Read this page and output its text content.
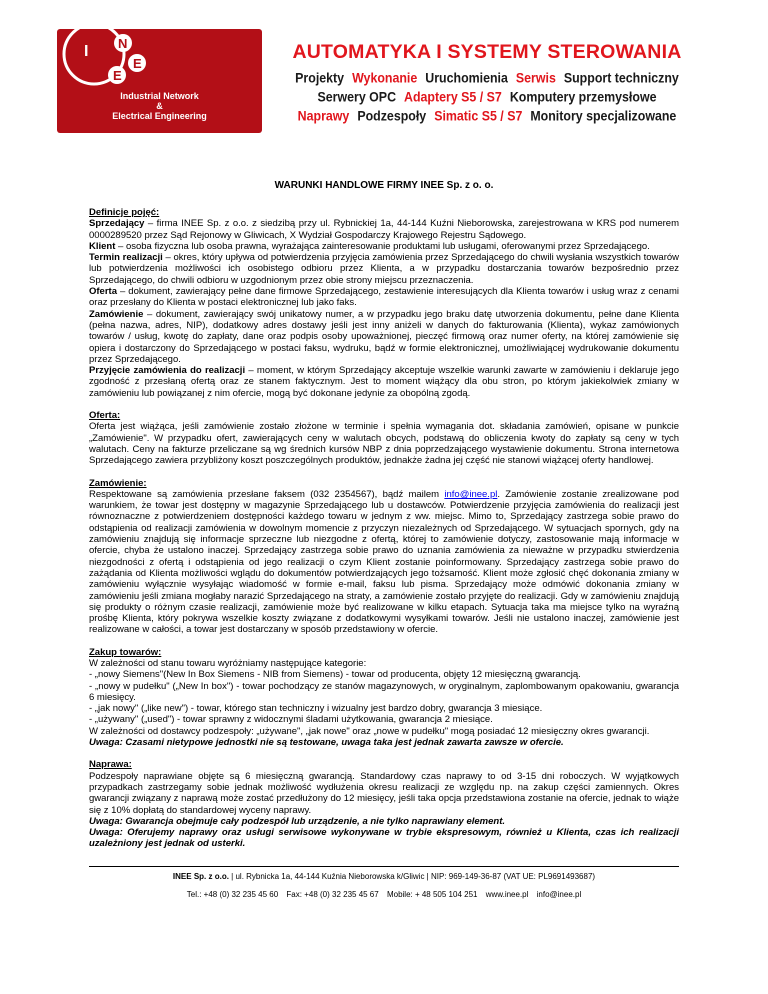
I N
E
E
Industrial Network
&
Electrical Engineering
AUTOMATYKA I SYSTEMY STEROWANIA
Projekty Wykonanie Uruchomienia Serwis Support techniczny
Serwery OPC Adaptery S5 / S7 Komputery przemysłowe
Naprawy Podzespoły Simatic S5 / S7 Monitory specjalizowane
WARUNKI HANDLOWE FIRMY INEE Sp. z o. o.

Definicje pojęć:

Sprzedający – firma INEE Sp. z o.o. z siedzibą przy ul. Rybnickiej 1a, 44-144 Kuźni Nieborowska, zarejestrowana w KRS pod numerem 0000289520 przez Sąd Rejonowy w Gliwicach, X Wydział Gospodarczy Krajowego Rejestru Sądowego.

Klient – osoba fizyczna lub osoba prawna, wyrażająca zainteresowanie produktami lub usługami, oferowanymi przez Sprzedającego.

Termin realizacji – okres, który upływa od potwierdzenia przyjęcia zamówienia przez Sprzedającego do chwili wysłania wszystkich towarów lub potwierdzenia możliwości ich osobistego odbioru przez Klienta, a w przypadku dostarczania towarów bezpośrednio przez Sprzedającego, do chwili odbioru w uzgodnionym przez obie strony miejscu przeznaczenia.

Oferta – dokument, zawierający pełne dane firmowe Sprzedającego, zestawienie interesujących dla Klienta towarów i usług wraz z cenami oraz przesłany do Klienta w postaci elektronicznej lub jako faks.

Zamówienie – dokument, zawierający swój unikatowy numer, a w przypadku jego braku datę utworzenia dokumentu, pełne dane Klienta (pełna nazwa, adres, NIP), dodatkowy adres dostawy jeśli jest inny aniżeli w danych do fakturowania (Klienta), wykaz zamówionych towarów / usług, kwotę do zapłaty, dane oraz podpis osoby upoważnionej, pieczęć firmową oraz numer oferty, na której zamówienie się opiera i dostarczony do Sprzedającego w postaci faksu, wydruku, bądź w formie elektronicznej, umożliwiającej wydrukowanie dokumentu przez Sprzedającego.

Przyjęcie zamówienia do realizacji – moment, w którym Sprzedający akceptuje wszelkie warunki zawarte w zamówieniu i deklaruje jego zgodność z przesłaną ofertą oraz ze stanem faktycznym. Jest to moment wiążący dla obu stron, po którym jakiekolwiek zmiany w zamówieniu lub powiązanej z nim ofercie, mogą być dokonane jedynie za obopólną zgodą.

Oferta:

Oferta jest wiążąca, jeśli zamówienie zostało złożone w terminie i spełnia wymagania dot. składania zamówień, opisane w punkcie „Zamówienie". W przypadku ofert, zawierających ceny w walutach obcych, podstawą do obliczenia kwoty do zapłaty są ceny w tych walutach. Ceny na fakturze przeliczane są wg średnich kursów NBP z dnia poprzedzającego wystawienie dokumentu. Strona internetowa Sprzedającego zawiera przybliżony koszt poszczególnych produktów, jednakże żadna jej część nie stanowi wiążącej oferty handlowej.

Zamówienie:

Respektowane są zamówienia przesłane faksem (032 2354567), bądź mailem info@inee.pl. Zamówienie zostanie zrealizowane pod warunkiem, że towar jest dostępny w magazynie Sprzedającego lub u dostawców. Potwierdzenie przyjęcia zamówienia do realizacji jest równoznaczne z potwierdzeniem dostępności każdego towaru w jednym z ww. miejsc. Mimo to, Sprzedający zastrzega sobie prawo do odstąpienia od realizacji zamówienia w dowolnym momencie z przyczyn niezależnych od Sprzedającego. W sytuacjach spornych, gdy na zamówieniu znajdują się informacje sprzeczne lub niezgodne z ofertą, której to zamówienie dotyczy, zastosowanie mają informacje w ofercie, chyba że ustalono inaczej. Sprzedający zastrzega sobie prawo do uznania zamówienia za nieważne w przypadku stwierdzenia niezgodności z ofertą i odstąpienia od jego realizacji o czym Klient zostanie poinformowany. Sprzedający zastrzega sobie prawo do zażądania od Klienta możliwości wglądu do dokumentów potwierdzających jego tożsamość. Klient może zgłosić chęć dokonania zmiany w zamówieniu wyłącznie wysyłając wiadomość w formie e-mail, faksu lub pisma. Sprzedający może odmówić dokonania zmiany w zamówieniu jeśli zmiana mogłaby narazić Sprzedającego na straty, a zamówienie zostało przyjęte do realizacji. Gdy w zamówieniu znajdują się produkty o różnym czasie realizacji, zamówienie może być realizowane w kilku etapach. Sytuacja taka ma miejsce tylko na wyraźną prośbę Klienta, który pokrywa wszelkie koszty związane z dodatkowymi wysyłkami towarów. Jeśli nie ustalono inaczej, zamówienie jest realizowane w całości, a towar jest dostarczany w sposób przedstawiony w ofercie.

Zakup towarów:

W zależności od stanu towaru wyróżniamy następujące kategorie:

- „nowy Siemens"(New In Box Siemens - NIB from Siemens) - towar od producenta, objęty 12 miesięczną gwarancją.

- „nowy w pudełku" („New In box") - towar pochodzący ze stanów magazynowych, w oryginalnym, zaplombowanym opakowaniu, gwarancja 6 miesięcy.

- „jak nowy" („like new") - towar, którego stan techniczny i wizualny jest bardzo dobry, gwarancja 3 miesiące.

- „używany" („used") - towar sprawny z widocznymi śladami użytkowania, gwarancja 2 miesiące.

W zależności od dostawcy podzespoły: „używane", „jak nowe" oraz „nowe w pudełku" mogą posiadać 12 miesięczny okres gwarancji.

Uwaga: Czasami nietypowe jednostki nie są testowane, uwaga taka jest jednak zawarta zawsze w ofercie.

Naprawa:

Podzespoły naprawiane objęte są 6 miesięczną gwarancją. Standardowy czas naprawy to od 3-15 dni roboczych. W wyjątkowych przypadkach zastrzegamy sobie jednak możliwość wydłużenia okresu realizacji ze względu np. na zakup części zamiennych. Okres gwarancji związany z naprawą może zostać przedłużony do 12 miesięcy, jeśli taka opcja przedstawiona zostanie na ofercie, jednak to wiąże się z 10% dopłatą do standardowej wyceny naprawy.

Uwaga: Gwarancja obejmuje cały podzespół lub urządzenie, a nie tylko naprawiany element.

Uwaga: Oferujemy naprawy oraz usługi serwisowe wykonywane w trybie ekspresowym, również u Klienta, czas ich realizacji uzależniony jest jednak od usterki.

INEE Sp. z o.o. | ul. Rybnicka 1a, 44-144 Kuźnia Nieborowska k/Gliwic | NIP: 969-149-36-87 (VAT UE: PL9691493687)
Tel.: +48 (0) 32 235 45 60 Fax: +48 (0) 32 235 45 67 Mobile: + 48 505 104 251 www.inee.pl info@inee.pl
